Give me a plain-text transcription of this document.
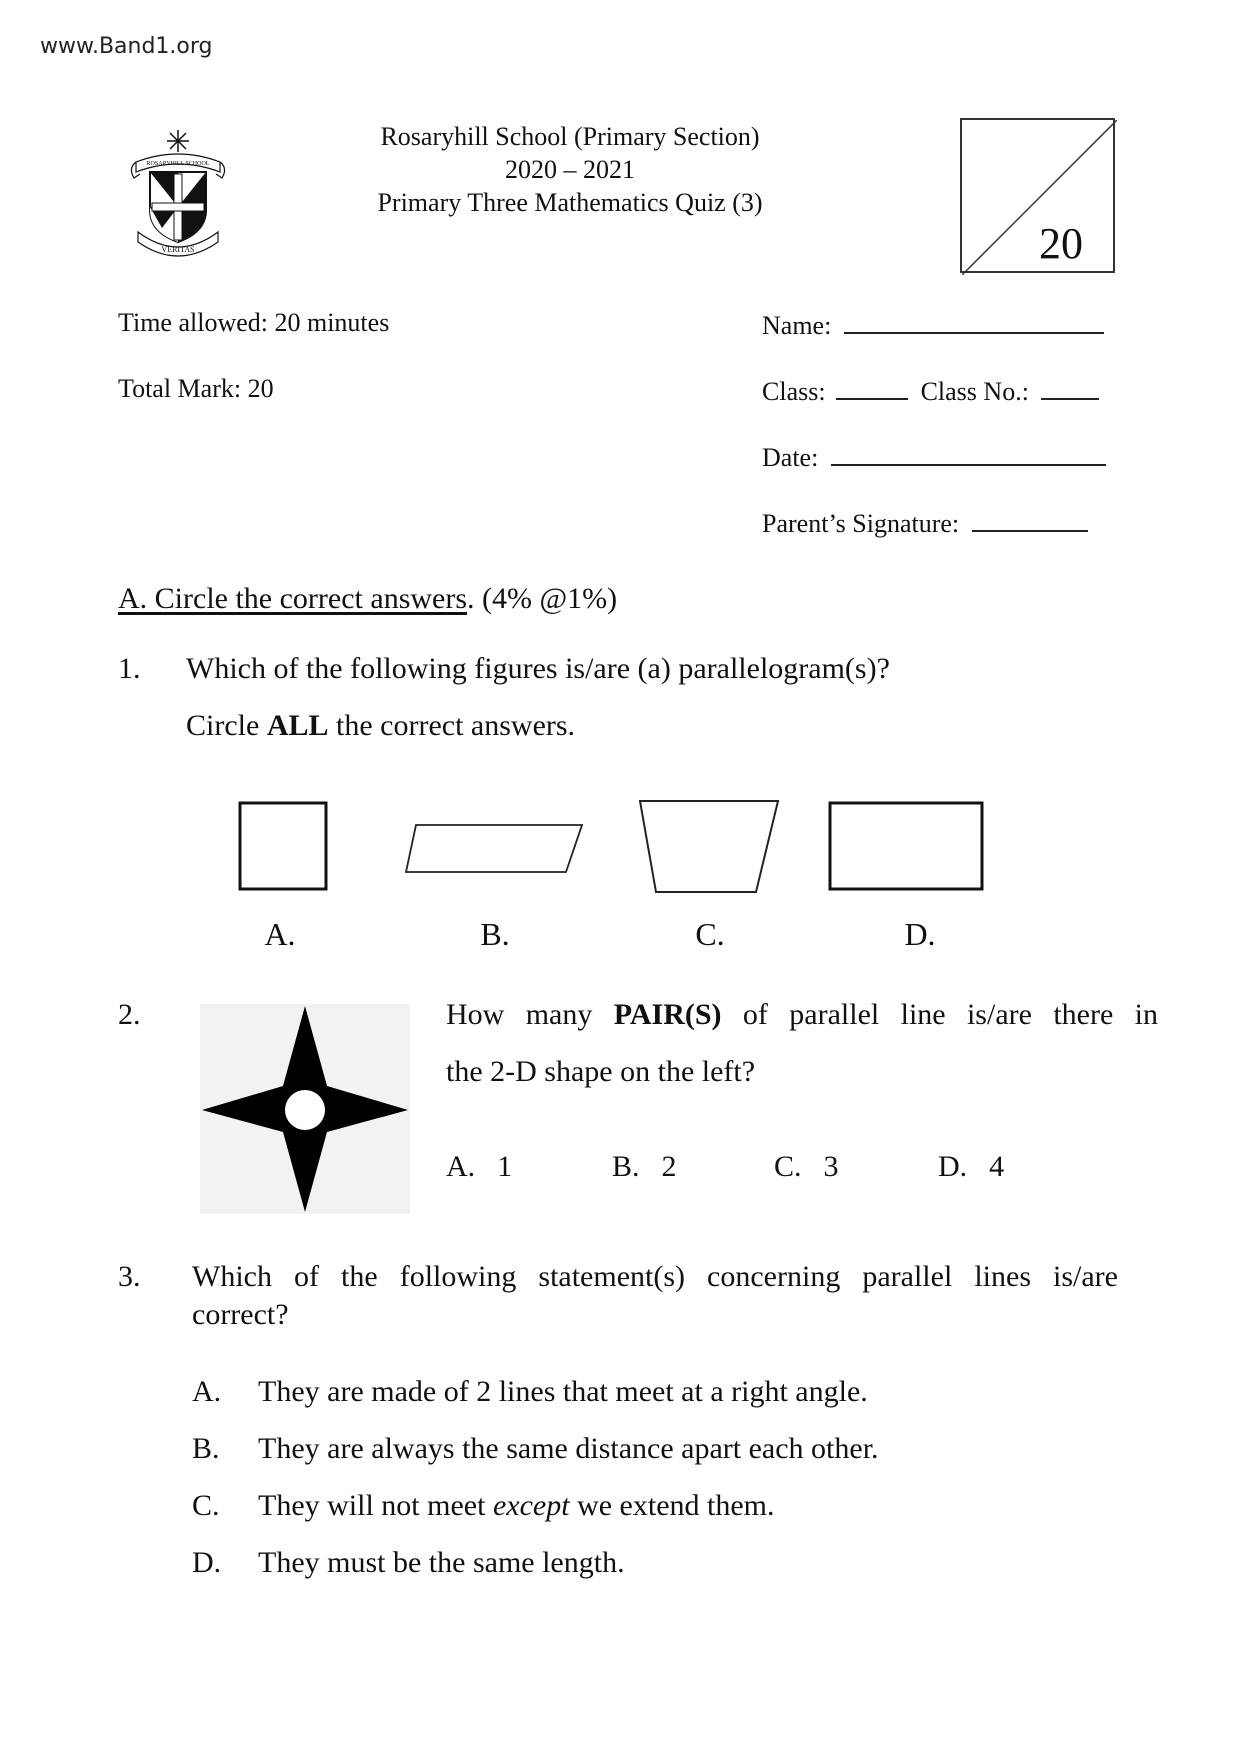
www.Band1.org
ROSARYHILL SCHOOL
VERITAS
Rosaryhill School (Primary Section)
2020 – 2021
Primary Three Mathematics Quiz (3)
20
Time allowed: 20 minutes
Total Mark: 20
Name:
Class:	Class No.:
Date:
Parent’s Signature:
A. Circle the correct answers. (4% @1%)
1. Which of the following figures is/are (a) parallelogram(s)?
Circle ALL the correct answers.
A.	B.	C.	D.
2.	How many PAIR(S) of parallel line is/are there in
the 2-D shape on the left?
A. 1	B. 2	C. 3	D. 4
3. Which of the following statement(s) concerning parallel lines is/are
correct?
A. They are made of 2 lines that meet at a right angle.
B. They are always the same distance apart each other.
C. They will not meet except we extend them.
D. They must be the same length.
